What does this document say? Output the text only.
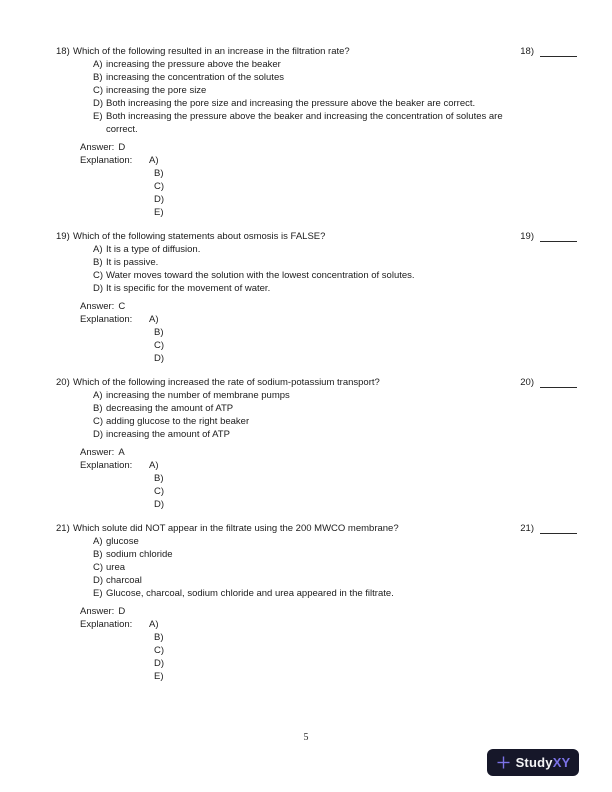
18) Which of the following resulted in an increase in the filtration rate?	18)
A) increasing the pressure above the beaker
B) increasing the concentration of the solutes
C) increasing the pore size
D) Both increasing the pore size and increasing the pressure above the beaker are correct.
E) Both increasing the pressure above the beaker and increasing the concentration of solutes are correct.
Answer: D
Explanation:	A)
B)
C)
D)
E)
19) Which of the following statements about osmosis is FALSE?	19)
A) It is a type of diffusion.
B) It is passive.
C) Water moves toward the solution with the lowest concentration of solutes.
D) It is specific for the movement of water.
Answer: C
Explanation:	A)
B)
C)
D)
20) Which of the following increased the rate of sodium-potassium transport?	20)
A) increasing the number of membrane pumps
B) decreasing the amount of ATP
C) adding glucose to the right beaker
D) increasing the amount of ATP
Answer: A
Explanation:	A)
B)
C)
D)
21) Which solute did NOT appear in the filtrate using the 200 MWCO membrane?	21)
A) glucose
B) sodium chloride
C) urea
D) charcoal
E) Glucose, charcoal, sodium chloride and urea appeared in the filtrate.
Answer: D
Explanation:	A)
B)
C)
D)
E)
5
StudyXY
